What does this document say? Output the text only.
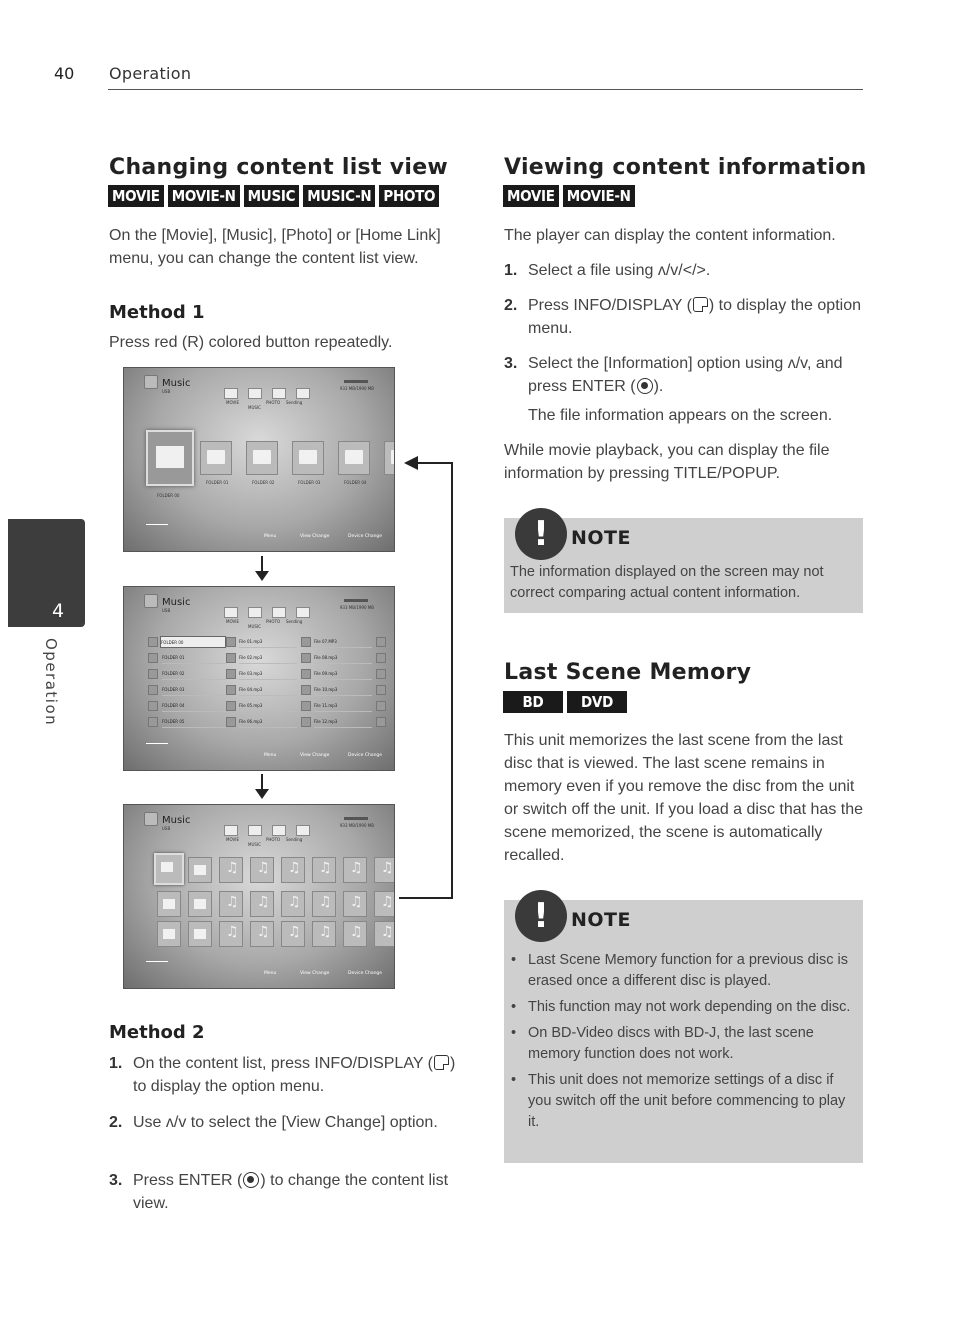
40 Operation
4
Operation
Changing content list view
MOVIE MOVIE-N MUSIC MUSIC-N PHOTO
On the [Movie], [Music], [Photo] or [Home Link] menu, you can change the content list view.
Method 1
Press red (R) colored button repeatedly.
Music
USB
MOVIE
MUSIC
PHOTO Sending
933 MB/1990 MB
FOLDER 00
FOLDER 01	FOLDER 02	FOLDER 03	FOLDER 04
Menu	View Change	Device Change
Music
USB
MOVIE
MUSIC
PHOTO Sending
933 MB/1990 MB
FOLDER 00
FOLDER 01
FOLDER 02
FOLDER 03
FOLDER 04
FOLDER 05
File 01.mp3
File 02.mp3
File 03.mp3
File 04.mp3
File 05.mp3
File 06.mp3
File 07.MP3
File 08.mp3
File 09.mp3
File 10.mp3
File 11.mp3
File 12.mp3
Menu	View Change	Device Change
Music
USB
MOVIE
MUSIC
PHOTO Sending
933 MB/1990 MB
♫
♫
♫
♫
♫
♫
♫
♫
♫
♫
♫
♫
♫
♫
♫
♫
♫
♫
Menu	View Change	Device Change
Method 2
1. On the content list, press INFO/DISPLAY ( ) to display the option menu.
2. Use ʌ/v to select the [View Change] option.
3. Press ENTER ( ) to change the content list view.
Viewing content information
MOVIE MOVIE-N
The player can display the content information.
1. Select a file using ʌ/v/</>.
2. Press INFO/DISPLAY ( ) to display the option menu.
3. Select the [Information] option using ʌ/v, and press ENTER ( ).
The file information appears on the screen.
While movie playback, you can display the file information by pressing TITLE/POPUP.
!	NOTE
The information displayed on the screen may not correct comparing actual content information.
Last Scene Memory
BD	DVD
This unit memorizes the last scene from the last disc that is viewed. The last scene remains in memory even if you remove the disc from the unit or switch off the unit. If you load a disc that has the scene memorized, the scene is automatically recalled.
!	NOTE
• Last Scene Memory function for a previous disc is erased once a different disc is played.
• This function may not work depending on the disc.
• On BD-Video discs with BD-J, the last scene memory function does not work.
• This unit does not memorize settings of a disc if you switch off the unit before commencing to play it.
